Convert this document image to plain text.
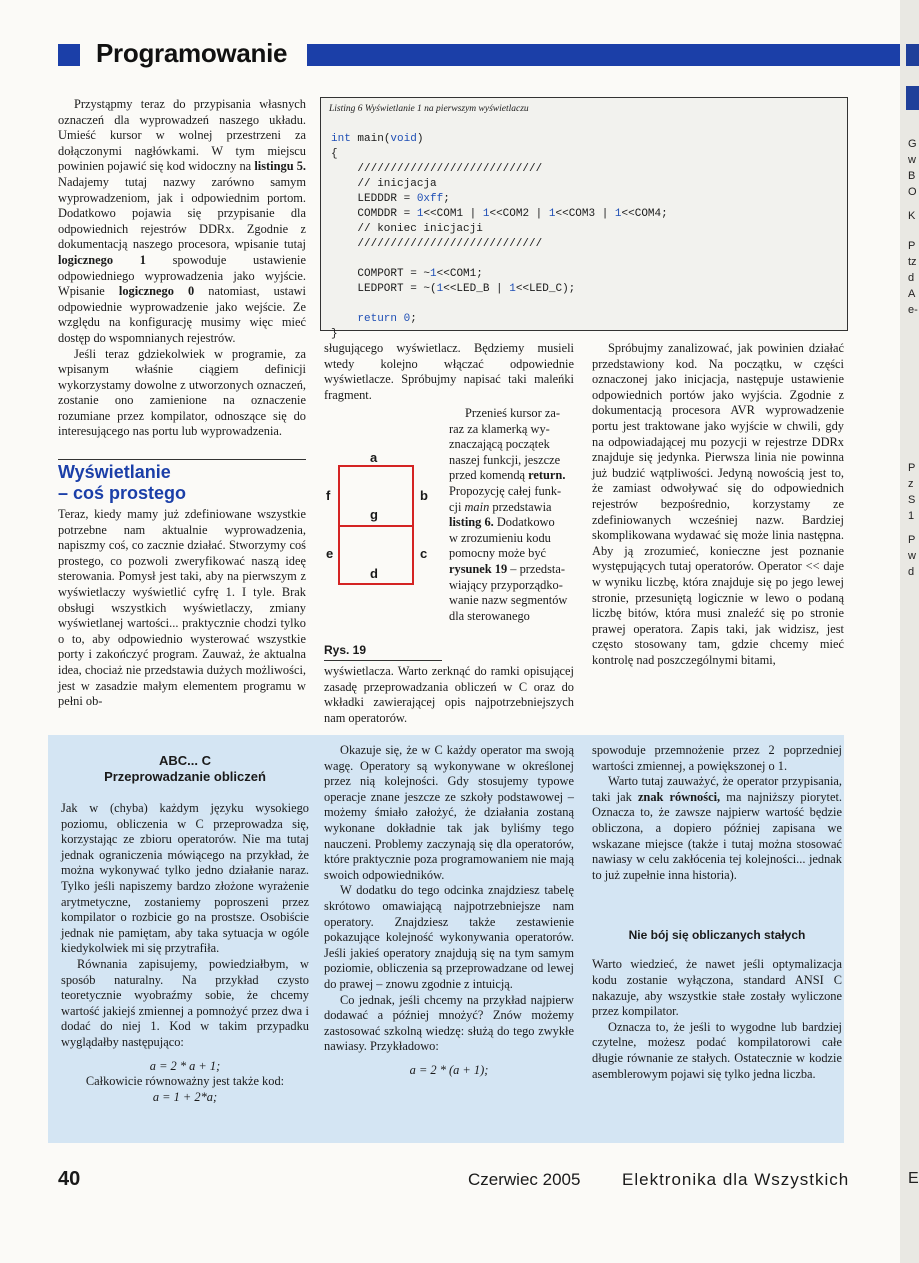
Programowanie

Przystąpmy teraz do przypisania własnych oznaczeń dla wyprowadzeń naszego układu. Umieść kursor w wolnej przestrzeni za dołączonymi nagłówkami. W tym miejscu powinien pojawić się kod widoczny na listingu 5. Nadajemy tutaj nazwy zarówno samym wyprowadzeniom, jak i odpowiednim portom. Dodatkowo pojawia się przypisanie dla odpowiednich rejestrów DDRx. Zgodnie z dokumentacją naszego procesora, wpisanie tutaj logicznego 1 spowoduje ustawienie odpowiedniego wyprowadzenia jako wyjście. Wpisanie logicznego 0 natomiast, ustawi odpowiednie wyprowadzenie jako wejście. Ze względu na konfigurację musimy więc mieć dostęp do wspomnianych rejestrów.

Jeśli teraz gdziekolwiek w programie, za wpisanym właśnie ciągiem definicji wykorzystamy dowolne z utworzonych oznaczeń, zostanie ono zamienione na oznaczenie rozumiane przez kompilator, odnoszące się do interesującego nas portu lub wyprowadzenia.

Wyświetlanie
– coś prostego

Teraz, kiedy mamy już zdefiniowane wszystkie potrzebne nam aktualnie wyprowadzenia, napiszmy coś, co zacznie działać. Stworzymy coś prostego, co pozwoli zweryfikować naszą ideę sterowania. Pomysł jest taki, aby na pierwszym z wyświetlaczy wyświetlić cyfrę 1. I tyle. Brak obsługi wszystkich wyświetlaczy, zmiany wyświetlanej wartości... praktycznie chodzi tylko o to, aby odpowiednio wysterować wszystkie porty i zakończyć program. Zauważ, że aktualna idea, chociaż nie przedstawia dużych możliwości, jest w zasadzie małym elementem programu w pełni ob-

Listing 6 Wyświetlanie 1 na pierwszym wyświetlaczu
int main(void)
{
////////////////////////////
// inicjacja
LEDDDR = 0xff;
COMDDR = 1<<COM1 | 1<<COM2 | 1<<COM3 | 1<<COM4;
// koniec inicjacji
////////////////////////////

COMPORT = ~1<<COM1;
LEDPORT = ~(1<<LED_B | 1<<LED_C);

return 0;
}

sługującego wyświetlacz. Będziemy musieli wtedy kolejno włączać odpowiednie wyświetlacze. Spróbujmy napisać taki maleńki fragment.

Przenieś kursor za-
raz za klamerką wy-
znaczającą początek
naszej funkcji, jeszcze
przed komendą return.
Propozycję całej funk-
cji main przedstawia
listing 6. Dodatkowo
w zrozumieniu kodu
pomocny może być
rysunek 19 – przedsta-
wiający przyporządko-
wanie nazw segmentów
dla sterowanego
a
f	b
g
e	c
d
Rys. 19

wyświetlacza. Warto zerknąć do ramki opisującej zasadę przeprowadzania obliczeń w C oraz do wkładki zawierającej opis najpotrzebniejszych nam operatorów.

Spróbujmy zanalizować, jak powinien działać przedstawiony kod. Na początku, w części oznaczonej jako inicjacja, następuje ustawienie odpowiednich portów jako wyjścia. Zgodnie z dokumentacją procesora AVR wyprowadzenie portu jest traktowane jako wyjście w chwili, gdy na odpowiadającej mu pozycji w rejestrze DDRx znajduje się jedynka. Pierwsza linia nie powinna już budzić wątpliwości. Jedyną nowością jest to, że zamiast odwoływać się do odpowiednich rejestrów bezpośrednio, korzystamy ze zdefiniowanych wcześniej nazw. Bardziej skomplikowana wydawać się może linia następna. Aby ją zrozumieć, konieczne jest poznanie występujących tutaj operatorów. Operator << daje w wyniku liczbę, która znajduje się po jego lewej stronie, przesuniętą logicznie w lewo o podaną liczbę bitów, która musi znaleźć się po stronie prawej operatora. Zapis taki, jak widzisz, jest często stosowany tam, gdzie chcemy mieć kontrolę nad poszczególnymi bitami,

ABC... C
Przeprowadzanie obliczeń

Jak w (chyba) każdym języku wysokiego poziomu, obliczenia w C przeprowadza się, korzystając ze zbioru operatorów. Nie ma tutaj jednak ograniczenia mówiącego na przykład, że można wykonywać tylko jedno działanie naraz. Tylko jeśli napiszemy bardzo złożone wyrażenie arytmetyczne, zostaniemy poproszeni przez kompilator o rozbicie go na prostsze. Osobiście jednak nie pamiętam, aby taka sytuacja w ogóle kiedykolwiek mi się przytrafiła.

Równania zapisujemy, powiedziałbym, w sposób naturalny. Na przykład czysto teoretycznie wyobraźmy sobie, że chcemy wartość jakiejś zmiennej a pomnożyć przez dwa i dodać do niej 1. Kod w takim przypadku wyglądałby następująco:

a = 2 * a + 1;

Całkowicie równoważny jest także kod:

a = 1 + 2*a;

Okazuje się, że w C każdy operator ma swoją wagę. Operatory są wykonywane w określonej przez nią kolejności. Gdy stosujemy typowe operacje znane jeszcze ze szkoły podstawowej – możemy śmiało założyć, że działania zostaną wykonane dokładnie tak jak byliśmy tego nauczeni. Problemy zaczynają się dla operatorów, które praktycznie poza programowaniem nie mają swoich odpowiedników.

W dodatku do tego odcinka znajdziesz tabelę skrótowo omawiającą najpotrzebniejsze nam operatory. Znajdziesz także zestawienie pokazujące kolejność wykonywania operatorów. Jeśli jakieś operatory znajdują się na tym samym poziomie, obliczenia są przeprowadzane od lewej do prawej – znowu zgodnie z intuicją.

Co jednak, jeśli chcemy na przykład najpierw dodawać a później mnożyć? Znów możemy zastosować szkolną wiedzę: służą do tego zwykłe nawiasy. Przykładowo:

a = 2 * (a + 1);

spowoduje przemnożenie przez 2 poprzedniej wartości zmiennej, a powiększonej o 1.

Warto tutaj zauważyć, że operator przypisania, taki jak znak równości, ma najniższy piorytet. Oznacza to, że zawsze najpierw wartość będzie obliczona, a dopiero później zapisana we wskazane miejsce (także i tutaj można stosować nawiasy w celu zakłócenia tej kolejności... jednak to już zupełnie inna historia).

Nie bój się obliczanych stałych

Warto wiedzieć, że nawet jeśli optymalizacja kodu zostanie wyłączona, standard ANSI C nakazuje, aby wszystkie stałe zostały wyliczone przez kompilator.

Oznacza to, że jeśli to wygodne lub bardziej czytelne, możesz podać kompilatorowi całe długie równanie ze stałych. Ostatecznie w kodzie asemblerowym pojawi się tylko jedna liczba.

40	Czerwiec 2005 Elektronika dla Wszystkich
G
w
B
O
K
P
tz
d
A
e-
P
z
S
1
P
w
d
E
